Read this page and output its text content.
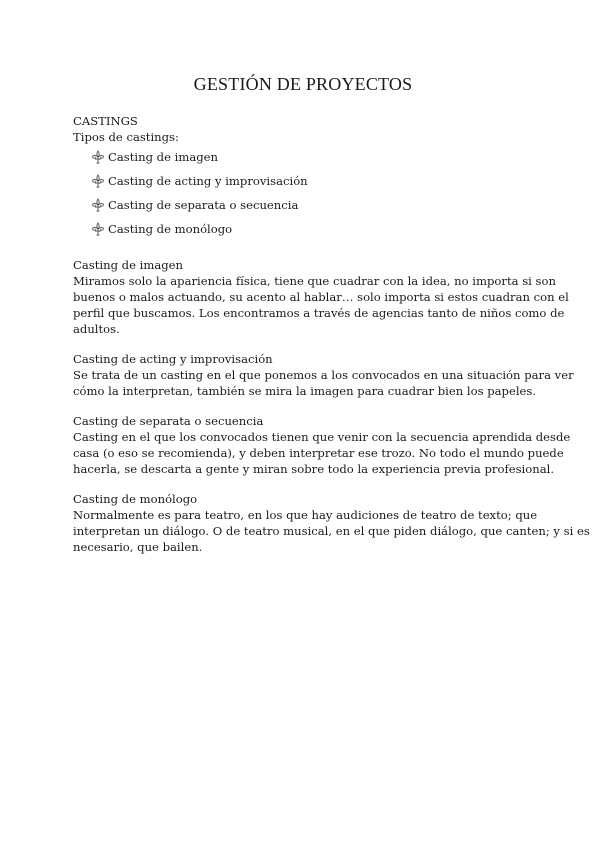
GESTIÓN DE PROYECTOS

CASTINGS

Tipos de castings:

Casting de imagen
Casting de acting y improvisación
Casting de separata o secuencia
Casting de monólogo

Casting de imagen

Miramos solo la apariencia física, tiene que cuadrar con la idea, no importa si son

buenos o malos actuando, su acento al hablar… solo importa si estos cuadran con el

perfil que buscamos. Los encontramos a través de agencias tanto de niños como de

adultos.

Casting de acting y improvisación

Se trata de un casting en el que ponemos a los convocados en una situación para ver

cómo la interpretan, también se mira la imagen para cuadrar bien los papeles.

Casting de separata o secuencia

Casting en el que los convocados tienen que venir con la secuencia aprendida desde

casa (o eso se recomienda), y deben interpretar ese trozo. No todo el mundo puede

hacerla, se descarta a gente y miran sobre todo la experiencia previa profesional.

Casting de monólogo

Normalmente es para teatro, en los que hay audiciones de teatro de texto; que

interpretan un diálogo. O de teatro musical, en el que piden diálogo, que canten; y si es

necesario, que bailen.
